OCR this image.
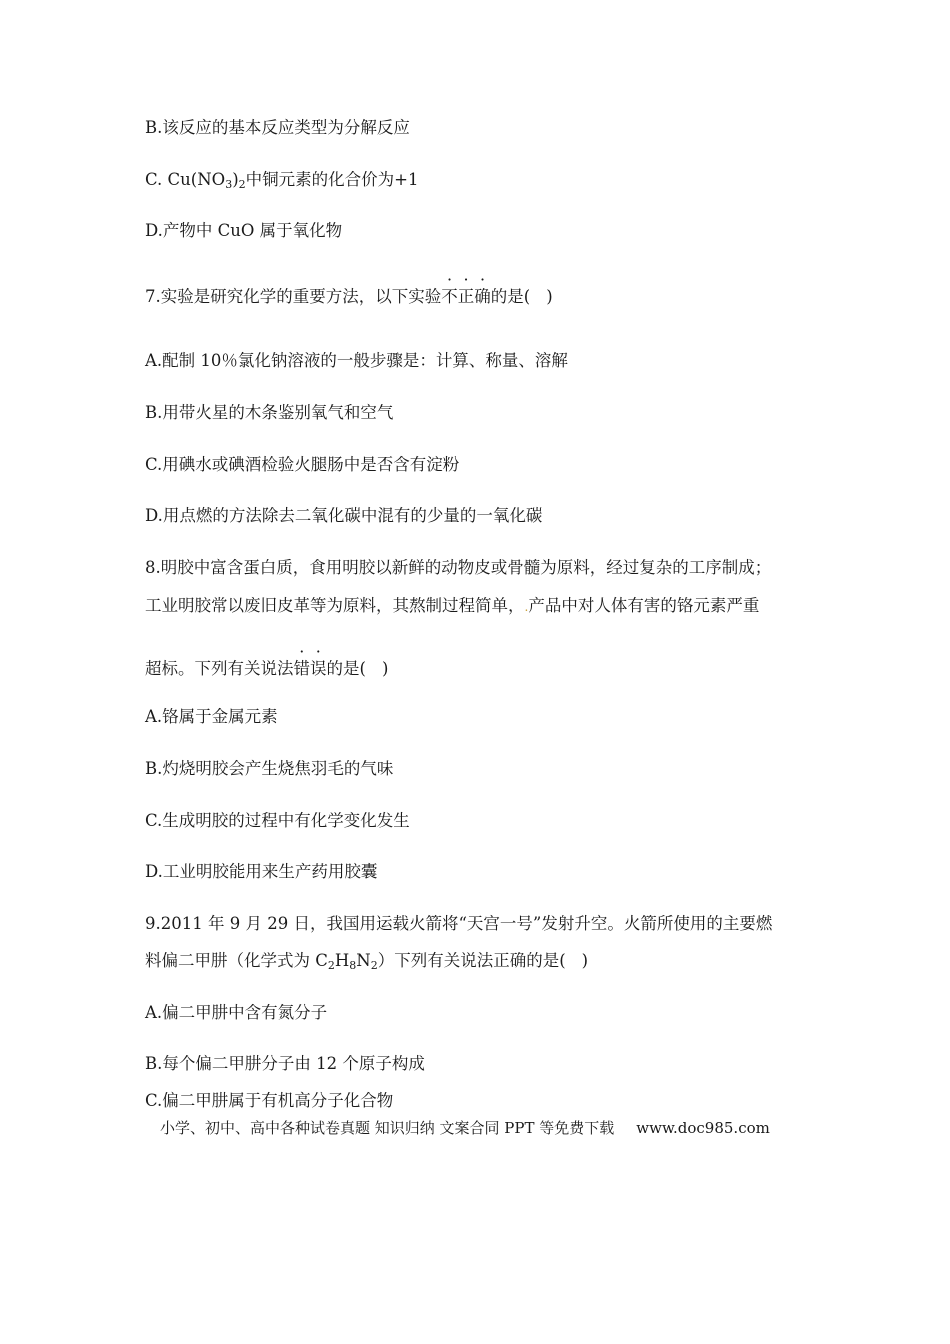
B.该反应的基本反应类型为分解反应
C. $Cu(NO_3)_2$中铜元素的化合价为+1
D.产物中 CuO 属于氧化物
7.实验是研究化学的重要方法，以下实验不正确的是( )
A.配制 10％氯化钠溶液的一般步骤是：计算、称量、溶解
B.用带火星的木条鉴别氧气和空气
C.用碘水或碘酒检验火腿肠中是否含有淀粉
D.用点燃的方法除去二氧化碳中混有的少量的一氧化碳
8.明胶中富含蛋白质，食用明胶以新鲜的动物皮或骨髓为原料，经过复杂的工序制成；
工业明胶常以废旧皮革等为原料，其熬制过程简单，.产品中对人体有害的铬元素严重
超标。下列有关说法错误的是( )
A.铬属于金属元素
B.灼烧明胶会产生烧焦羽毛的气味
C.生成明胶的过程中有化学变化发生
D.工业明胶能用来生产药用胶囊
9.2011 年 9 月 29 日，我国用运载火箭将“天宫一号”发射升空。火箭所使用的主要燃
料偏二甲肼（化学式为 $C_2H_8N_2$）下列有关说法正确的是( )
A.偏二甲肼中含有氮分子
B.每个偏二甲肼分子由 12 个原子构成
C.偏二甲肼属于有机高分子化合物
小学、初中、高中各种试卷真题 知识归纳 文案合同 PPT 等免费下载 www.doc985.com
